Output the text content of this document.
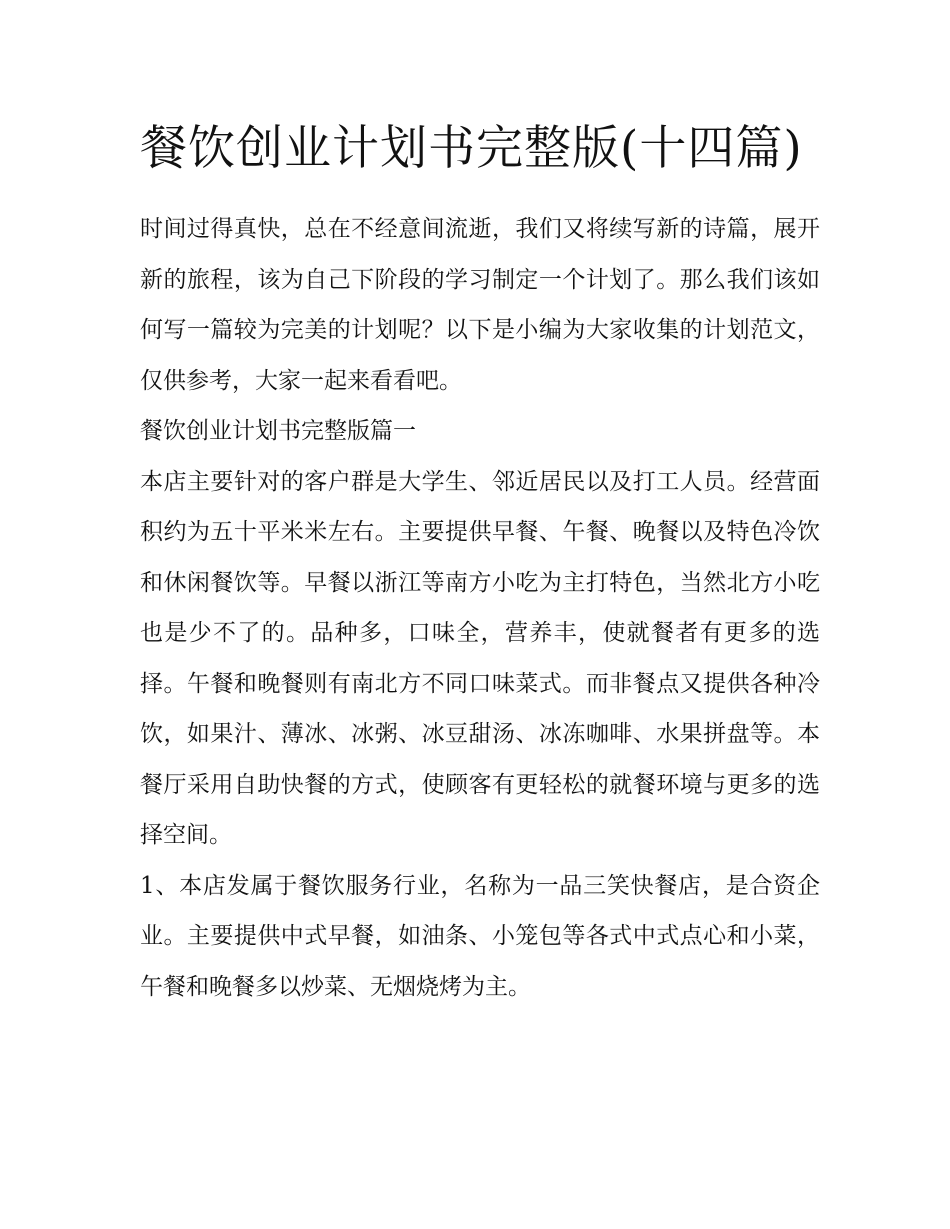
餐饮创业计划书完整版(十四篇)

时间过得真快，总在不经意间流逝，我们又将续写新的诗篇，展开新的旅程，该为自己下阶段的学习制定一个计划了。那么我们该如何写一篇较为完美的计划呢？以下是小编为大家收集的计划范文，仅供参考，大家一起来看看吧。

餐饮创业计划书完整版篇一

本店主要针对的客户群是大学生、邻近居民以及打工人员。经营面积约为五十平米米左右。主要提供早餐、午餐、晚餐以及特色冷饮和休闲餐饮等。早餐以浙江等南方小吃为主打特色，当然北方小吃也是少不了的。品种多，口味全，营养丰，使就餐者有更多的选择。午餐和晚餐则有南北方不同口味菜式。而非餐点又提供各种冷饮，如果汁、薄冰、冰粥、冰豆甜汤、冰冻咖啡、水果拼盘等。本餐厅采用自助快餐的方式，使顾客有更轻松的就餐环境与更多的选择空间。

1、本店发属于餐饮服务行业，名称为一品三笑快餐店，是合资企业。主要提供中式早餐，如油条、小笼包等各式中式点心和小菜，午餐和晚餐多以炒菜、无烟烧烤为主。
